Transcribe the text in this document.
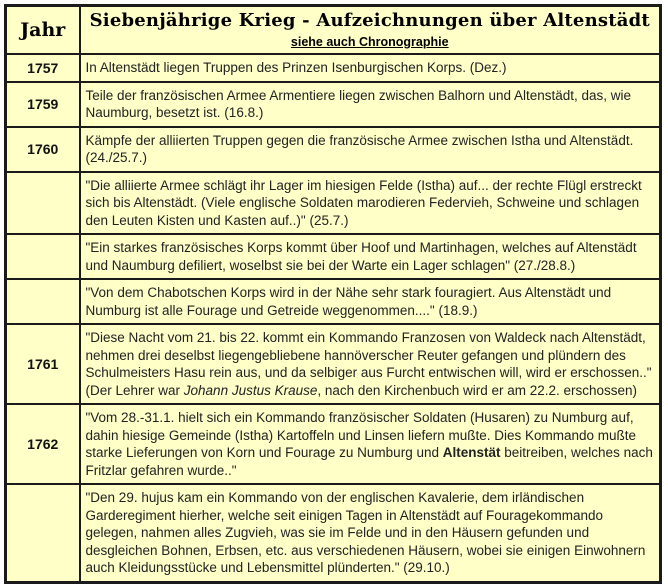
Jahr	Siebenjährige Krieg - Aufzeichnungen über Altenstädt
siehe auch Chronographie

1757	In Altenstädt liegen Truppen des Prinzen Isenburgischen Korps. (Dez.)
1759	Teile der französischen Armee Armentiere liegen zwischen Balhorn und Altenstädt, das, wie Naumburg, besetzt ist. (16.8.)
1760	Kämpfe der alliierten Truppen gegen die französische Armee zwischen Istha und Altenstädt. (24./25.7.)
	"Die alliierte Armee schlägt ihr Lager im hiesigen Felde (Istha) auf... der rechte Flügl erstreckt sich bis Altenstädt. (Viele englische Soldaten marodieren Federvieh, Schweine und schlagen den Leuten Kisten und Kasten auf..)" (25.7.)
	"Ein starkes französisches Korps kommt über Hoof und Martinhagen, welches auf Altenstädt und Naumburg defiliert, woselbst sie bei der Warte ein Lager schlagen" (27./28.8.)
	"Von dem Chabotschen Korps wird in der Nähe sehr stark fouragiert. Aus Altenstädt und Numburg ist alle Fourage und Getreide weggenommen...." (18.9.)
1761	"Diese Nacht vom 21. bis 22. kommt ein Kommando Franzosen von Waldeck nach Altenstädt, nehmen drei deselbst liegengebliebene hannöverscher Reuter gefangen und plündern des Schulmeisters Hasu rein aus, und da selbiger aus Furcht entwischen will, wird er erschossen.." (Der Lehrer war Johann Justus Krause, nach den Kirchenbuch wird er am 22.2. erschossen)
1762	"Vom 28.-31.1. hielt sich ein Kommando französischer Soldaten (Husaren) zu Numburg auf, dahin hiesige Gemeinde (Istha) Kartoffeln und Linsen liefern mußte. Dies Kommando mußte starke Lieferungen von Korn und Fourage zu Numburg und Altenstät beitreiben, welches nach Fritzlar gefahren wurde.."
	"Den 29. hujus kam ein Kommando von der englischen Kavalerie, dem irländischen Garderegiment hierher, welche seit einigen Tagen in Altenstädt auf Fouragekommando gelegen, nahmen alles Zugvieh, was sie im Felde und in den Häusern gefunden und desgleichen Bohnen, Erbsen, etc. aus verschiedenen Häusern, wobei sie einigen Einwohnern auch Kleidungsstücke und Lebensmittel plünderten." (29.10.)
